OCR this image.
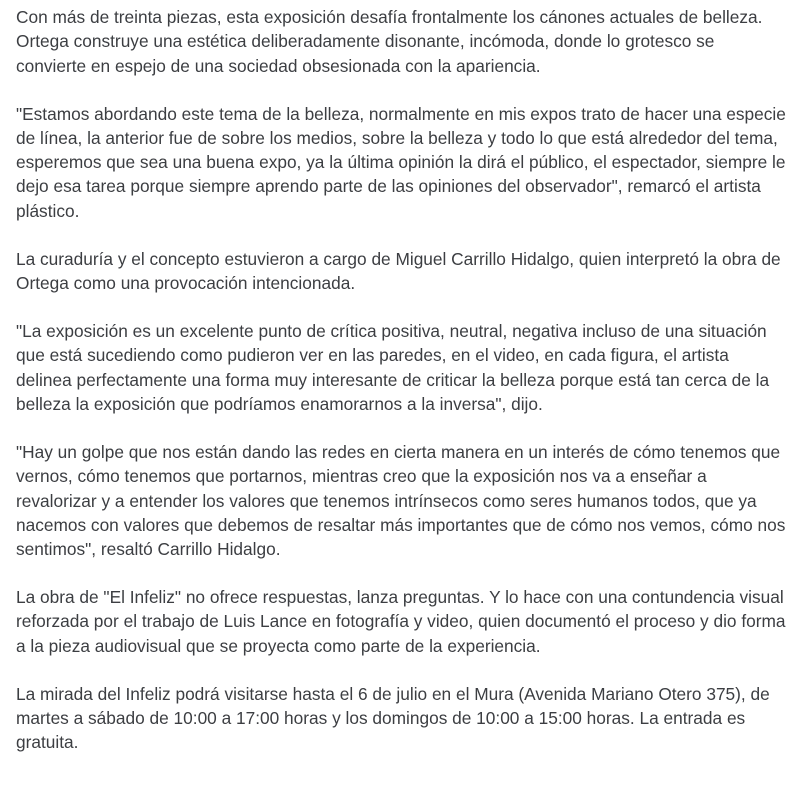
Con más de treinta piezas, esta exposición desafía frontalmente los cánones actuales de belleza. Ortega construye una estética deliberadamente disonante, incómoda, donde lo grotesco se convierte en espejo de una sociedad obsesionada con la apariencia.

"Estamos abordando este tema de la belleza, normalmente en mis expos trato de hacer una especie de línea, la anterior fue de sobre los medios, sobre la belleza y todo lo que está alrededor del tema, esperemos que sea una buena expo, ya la última opinión la dirá el público, el espectador, siempre le dejo esa tarea porque siempre aprendo parte de las opiniones del observador", remarcó el artista plástico.

La curaduría y el concepto estuvieron a cargo de Miguel Carrillo Hidalgo, quien interpretó la obra de Ortega como una provocación intencionada.

"La exposición es un excelente punto de crítica positiva, neutral, negativa incluso de una situación que está sucediendo como pudieron ver en las paredes, en el video, en cada figura, el artista delinea perfectamente una forma muy interesante de criticar la belleza porque está tan cerca de la belleza la exposición que podríamos enamorarnos a la inversa", dijo.

"Hay un golpe que nos están dando las redes en cierta manera en un interés de cómo tenemos que vernos, cómo tenemos que portarnos, mientras creo que la exposición nos va a enseñar a revalorizar y a entender los valores que tenemos intrínsecos como seres humanos todos, que ya nacemos con valores que debemos de resaltar más importantes que de cómo nos vemos, cómo nos sentimos", resaltó Carrillo Hidalgo.

La obra de "El Infeliz" no ofrece respuestas, lanza preguntas. Y lo hace con una contundencia visual reforzada por el trabajo de Luis Lance en fotografía y video, quien documentó el proceso y dio forma a la pieza audiovisual que se proyecta como parte de la experiencia.

La mirada del Infeliz podrá visitarse hasta el 6 de julio en el Mura (Avenida Mariano Otero 375), de martes a sábado de 10:00 a 17:00 horas y los domingos de 10:00 a 15:00 horas. La entrada es gratuita.
